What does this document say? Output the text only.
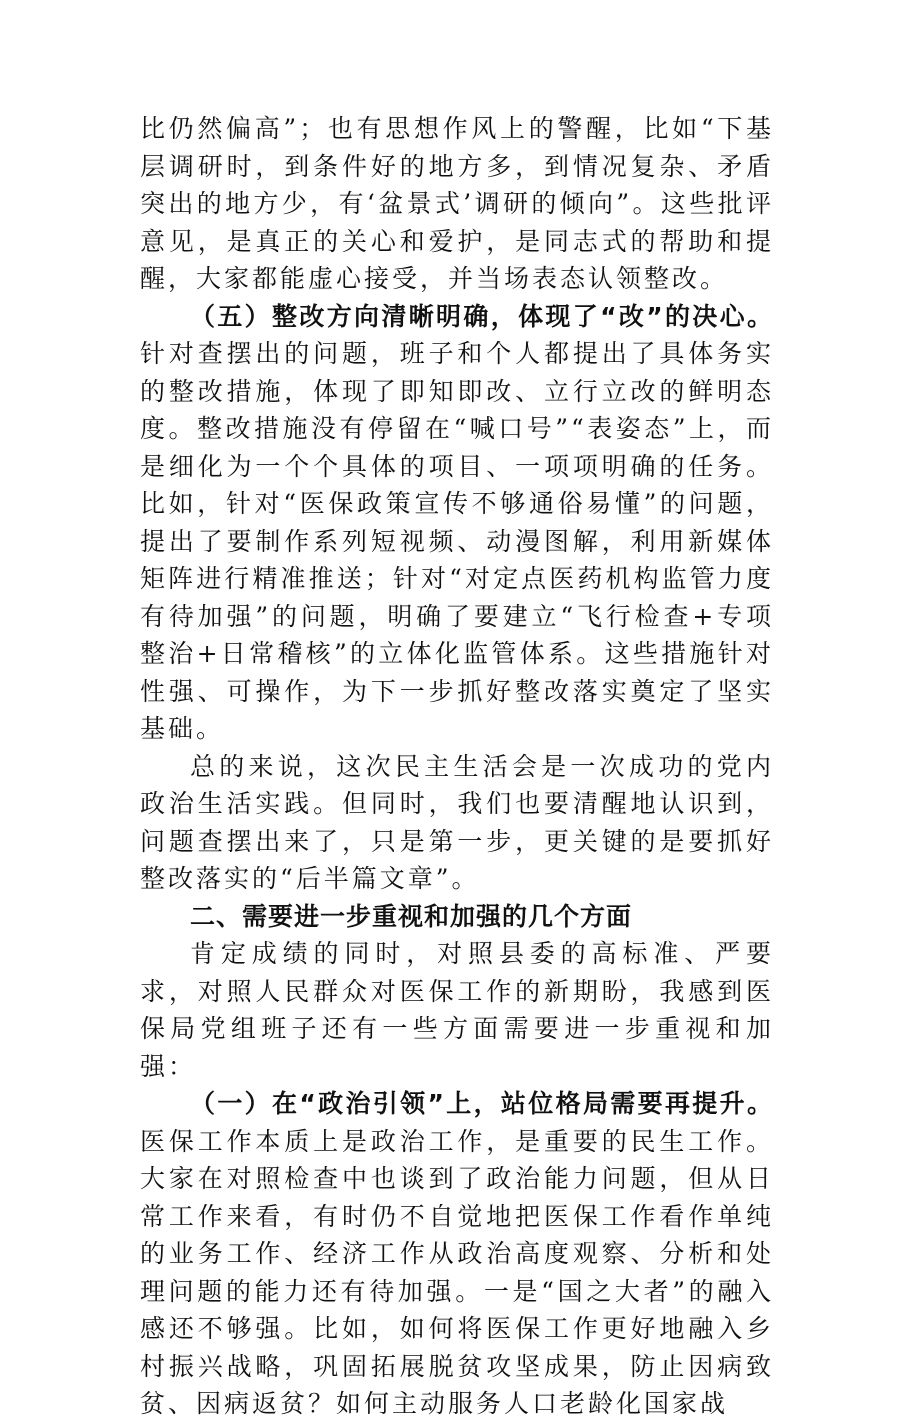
比仍然偏高”；也有思想作风上的警醒，比如“下基层调研时，到条件好的地方多，到情况复杂、矛盾突出的地方少，有‘盆景式’调研的倾向”。这些批评意见，是真正的关心和爱护，是同志式的帮助和提醒，大家都能虚心接受，并当场表态认领整改。

（五）整改方向清晰明确，体现了“改”的决心。针对查摆出的问题，班子和个人都提出了具体务实的整改措施，体现了即知即改、立行立改的鲜明态度。整改措施没有停留在“喊口号”“表姿态”上，而是细化为一个个具体的项目、一项项明确的任务。比如，针对“医保政策宣传不够通俗易懂”的问题，提出了要制作系列短视频、动漫图解，利用新媒体矩阵进行精准推送；针对“对定点医药机构监管力度有待加强”的问题，明确了要建立“飞行检查+专项整治+日常稽核”的立体化监管体系。这些措施针对性强、可操作，为下一步抓好整改落实奠定了坚实基础。

总的来说，这次民主生活会是一次成功的党内政治生活实践。但同时，我们也要清醒地认识到，问题查摆出来了，只是第一步，更关键的是要抓好整改落实的“后半篇文章”。

二、需要进一步重视和加强的几个方面

肯定成绩的同时，对照县委的高标准、严要求，对照人民群众对医保工作的新期盼，我感到医保局党组班子还有一些方面需要进一步重视和加强：

（一）在“政治引领”上，站位格局需要再提升。医保工作本质上是政治工作，是重要的民生工作。大家在对照检查中也谈到了政治能力问题，但从日常工作来看，有时仍不自觉地把医保工作看作单纯的业务工作、经济工作从政治高度观察、分析和处理问题的能力还有待加强。一是“国之大者”的融入感还不够强。比如，如何将医保工作更好地融入乡村振兴战略，巩固拓展脱贫攻坚成果，防止因病致贫、因病返贫？如何主动服务人口老龄化国家战
